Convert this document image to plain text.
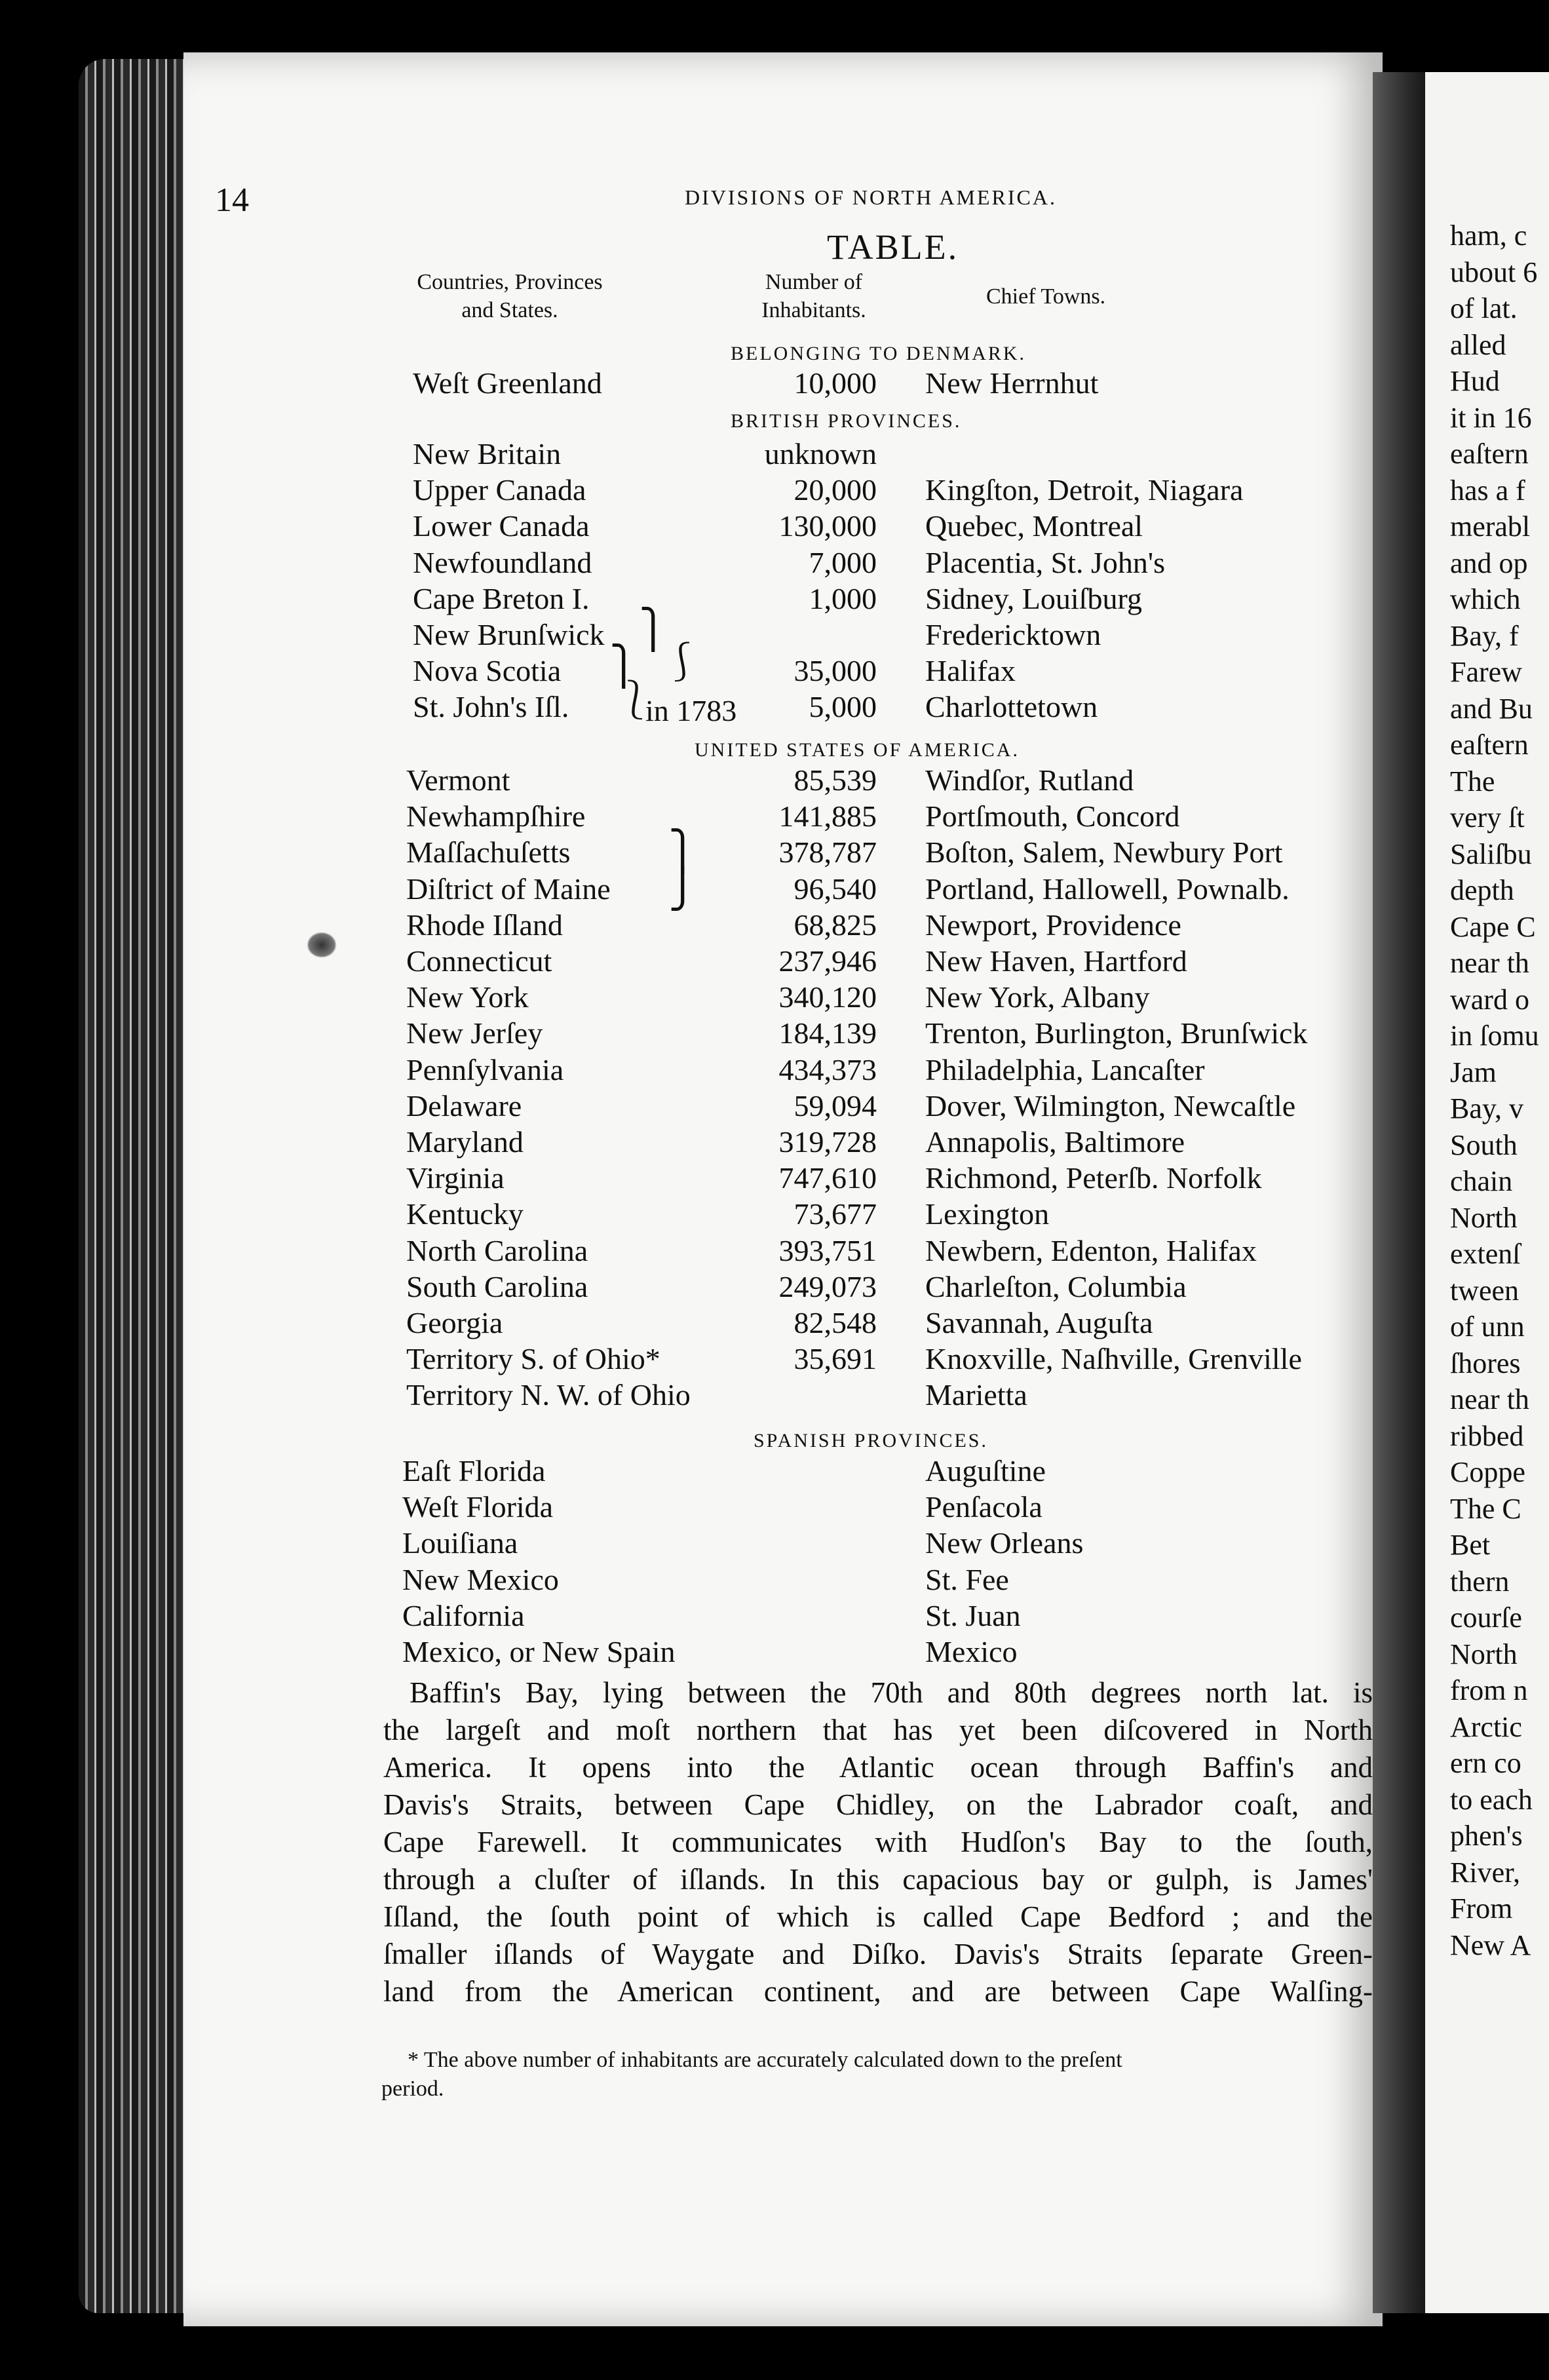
ham, c
ubout 6
of lat.
alled
Hud
it in 16
eaſtern
has a f
merabl
and op
which
Bay, f
Farew
and Bu
eaſtern
The
very ſt
Saliſbu
depth
Cape C
near th
ward o
in ſomu
Jam
Bay, v
South
chain
North
extenſ
tween
of unn
ſhores
near th
ribbed
Coppe
The C
Bet
thern
courſe
North
from n
Arctic
ern co
to each
phen's
River,
From
New A
14	DIVISIONS OF NORTH AMERICA.
TABLE.
Countries, Provinces and States.
Number of Inhabitants.
Chief Towns.
BELONGING TO DENMARK.
Weſt Greenland	10,000 New Herrnhut
BRITISH PROVINCES.
New Britain	unknown
Upper Canada	20,000 Kingſton, Detroit, Niagara
Lower Canada	130,000 Quebec, Montreal
Newfoundland	7,000 Placentia, St. John's
Cape Breton I.	1,000 Sidney, Louiſburg
New Brunſwick	Fredericktown
Nova Scotia	35,000 Halifax
St. John's Iſl.	5,000 Charlottetown
UNITED STATES OF AMERICA.
Vermont	85,539 Windſor, Rutland
Newhampſhire	141,885 Portſmouth, Concord
Maſſachuſetts	378,787 Boſton, Salem, Newbury Port
Diſtrict of Maine	96,540 Portland, Hallowell, Pownalb.
Rhode Iſland	68,825 Newport, Providence
Connecticut	237,946 New Haven, Hartford
New York	340,120 New York, Albany
New Jerſey	184,139 Trenton, Burlington, Brunſwick
Pennſylvania	434,373 Philadelphia, Lancaſter
Delaware	59,094 Dover, Wilmington, Newcaſtle
Maryland	319,728 Annapolis, Baltimore
Virginia	747,610 Richmond, Peterſb. Norfolk
Kentucky	73,677 Lexington
North Carolina	393,751 Newbern, Edenton, Halifax
South Carolina	249,073 Charleſton, Columbia
Georgia	82,548 Savannah, Auguſta
Territory S. of Ohio*	35,691 Knoxville, Naſhville, Grenville
Territory N. W. of Ohio	Marietta
SPANISH PROVINCES.
Eaſt Florida	Auguſtine
Weſt Florida	Penſacola
Louiſiana	New Orleans
New Mexico	St. Fee
California	St. Juan
Mexico, or New Spain	Mexico
⎫
⎫ ⎰
⎱
in 1783
⎫
⎭
Baffin's Bay, lying between the 70th and 80th degrees north lat. is
the largeſt and moſt northern that has yet been diſcovered in North
America. It opens into the Atlantic ocean through Baffin's and
Davis's Straits, between Cape Chidley, on the Labrador coaſt, and
Cape Farewell. It communicates with Hudſon's Bay to the ſouth,
through a cluſter of iſlands. In this capacious bay or gulph, is James'
Iſland, the ſouth point of which is called Cape Bedford ; and the
ſmaller iſlands of Waygate and Diſko. Davis's Straits ſeparate Green-
land from the American continent, and are between Cape Walſing-
* The above number of inhabitants are accurately calculated down to the preſent
period.
